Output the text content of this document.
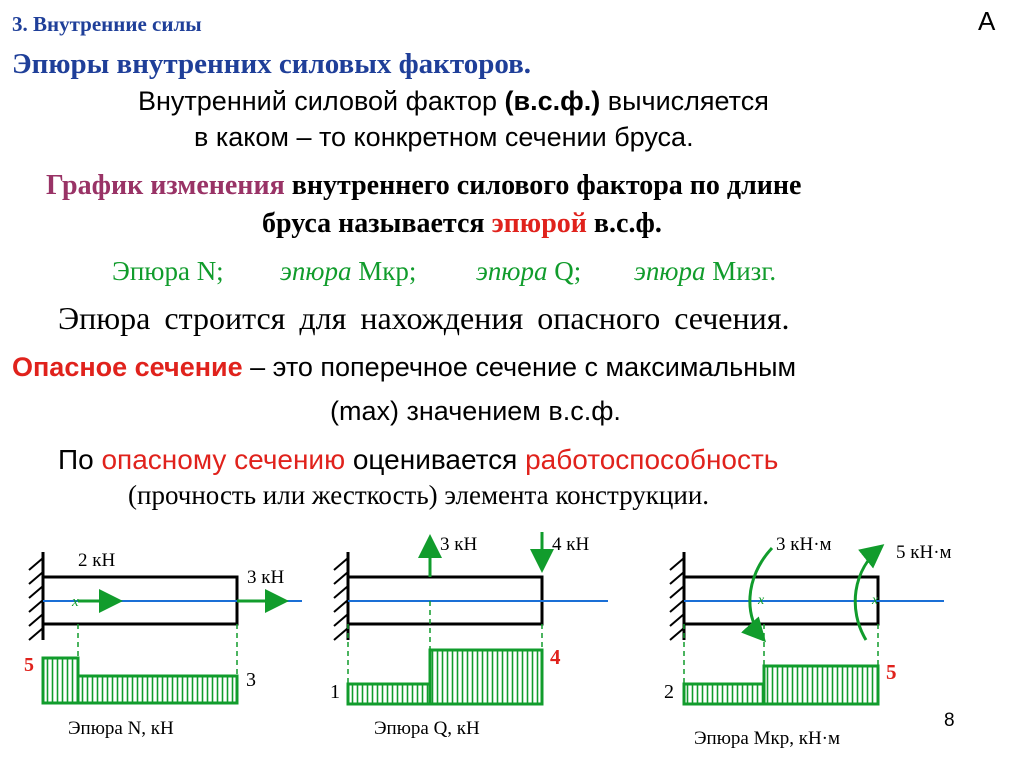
3. Внутренние силы	А
Эпюры внутренних силовых факторов.
Внутренний силовой фактор (в.с.ф.) вычисляется
в каком – то конкретном сечении бруса.
График изменения внутреннего силового фактора по длине
бруса называется эпюрой в.с.ф.
Эпюра N; эпюра Мкр; эпюра Q; эпюра Мизг.
Эпюра строится для нахождения опасного сечения.
Опасное сечение – это поперечное сечение с максимальным
(max) значением в.с.ф.
По опасному сечению оценивается работоспособность
(прочность или жесткость) элемента конструкции.
x
2 кН
3 кН
5
3
Эпюра N, кН
3 кН	4 кН
1
4
Эпюра Q, кН
x	x
3 кН·м	5 кН·м
2
5
Эпюра Мкр, кН·м
8
